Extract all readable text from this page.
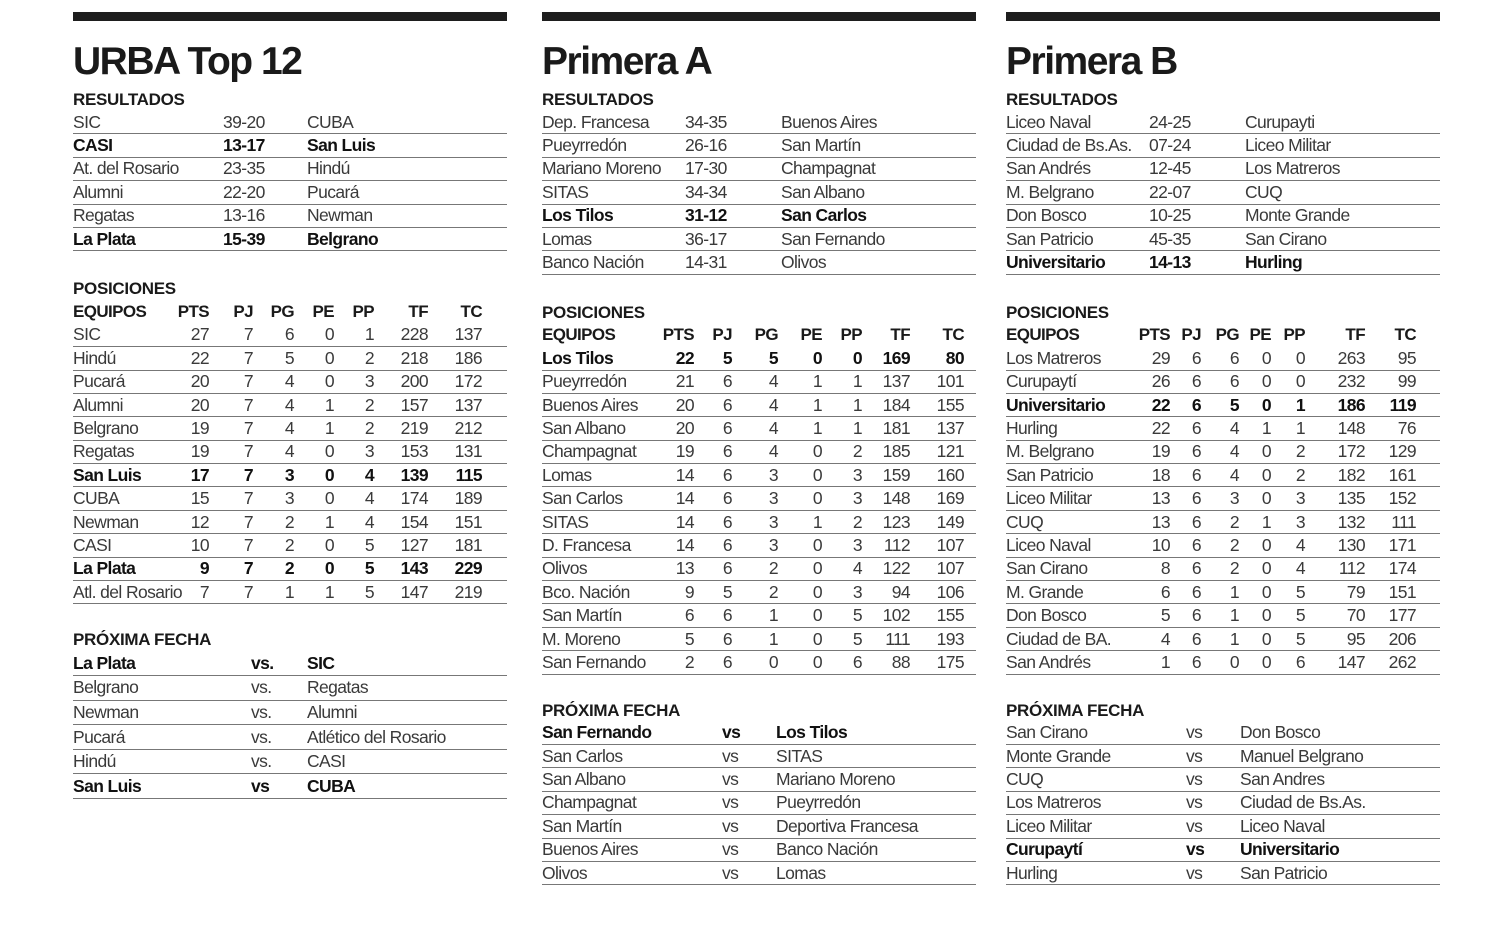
URBA Top 12
RESULTADOS
SIC	39-20	CUBA
CASI	13-17	San Luis
At. del Rosario	23-35	Hindú
Alumni	22-20	Pucará
Regatas	13-16	Newman
La Plata	15-39	Belgrano
POSICIONES
EQUIPOS	PTS	PJ	PG	PE	PP	TF	TC
SIC	27	7	6	0	1	228	137
Hindú	22	7	5	0	2	218	186
Pucará	20	7	4	0	3	200	172
Alumni	20	7	4	1	2	157	137
Belgrano	19	7	4	1	2	219	212
Regatas	19	7	4	0	3	153	131
San Luis	17	7	3	0	4	139	115
CUBA	15	7	3	0	4	174	189
Newman	12	7	2	1	4	154	151
CASI	10	7	2	0	5	127	181
La Plata	9	7	2	0	5	143	229
Atl. del Rosario	7	7	1	1	5	147	219
PRÓXIMA FECHA
La Plata	vs.	SIC
Belgrano	vs.	Regatas
Newman	vs.	Alumni
Pucará	vs.	Atlético del Rosario
Hindú	vs.	CASI
San Luis	vs	CUBA
Primera A
RESULTADOS
Dep. Francesa	34-35	Buenos Aires
Pueyrredón	26-16	San Martín
Mariano Moreno	17-30	Champagnat
SITAS	34-34	San Albano
Los Tilos	31-12	San Carlos
Lomas	36-17	San Fernando
Banco Nación	14-31	Olivos
POSICIONES
EQUIPOS	PTS	PJ	PG	PE	PP	TF	TC
Los Tilos	22	5	5	0	0	169	80
Pueyrredón	21	6	4	1	1	137	101
Buenos Aires	20	6	4	1	1	184	155
San Albano	20	6	4	1	1	181	137
Champagnat	19	6	4	0	2	185	121
Lomas	14	6	3	0	3	159	160
San Carlos	14	6	3	0	3	148	169
SITAS	14	6	3	1	2	123	149
D. Francesa	14	6	3	0	3	112	107
Olivos	13	6	2	0	4	122	107
Bco. Nación	9	5	2	0	3	94	106
San Martín	6	6	1	0	5	102	155
M. Moreno	5	6	1	0	5	111	193
San Fernando	2	6	0	0	6	88	175
PRÓXIMA FECHA
San Fernando	vs	Los Tilos
San Carlos	vs	SITAS
San Albano	vs	Mariano Moreno
Champagnat	vs	Pueyrredón
San Martín	vs	Deportiva Francesa
Buenos Aires	vs	Banco Nación
Olivos	vs	Lomas
Primera B
RESULTADOS
Liceo Naval	24-25	Curupayti
Ciudad de Bs.As. 07-24	Liceo Militar
San Andrés	12-45	Los Matreros
M. Belgrano	22-07	CUQ
Don Bosco	10-25	Monte Grande
San Patricio	45-35	San Cirano
Universitario	14-13	Hurling
POSICIONES
EQUIPOS	PTS PJ PG PE PP	TF	TC
Los Matreros	29	6	6	0	0	263	95
Curupaytí	26	6	6	0	0	232	99
Universitario	22	6	5	0	1	186	119
Hurling	22	6	4	1	1	148	76
M. Belgrano	19	6	4	0	2	172	129
San Patricio	18	6	4	0	2	182	161
Liceo Militar	13	6	3	0	3	135	152
CUQ	13	6	2	1	3	132	111
Liceo Naval	10	6	2	0	4	130	171
San Cirano	8	6	2	0	4	112	174
M. Grande	6	6	1	0	5	79	151
Don Bosco	5	6	1	0	5	70	177
Ciudad de BA.	4	6	1	0	5	95	206
San Andrés	1	6	0	0	6	147	262
PRÓXIMA FECHA
San Cirano	vs	Don Bosco
Monte Grande	vs	Manuel Belgrano
CUQ	vs	San Andres
Los Matreros	vs	Ciudad de Bs.As.
Liceo Militar	vs	Liceo Naval
Curupaytí	vs	Universitario
Hurling	vs	San Patricio
